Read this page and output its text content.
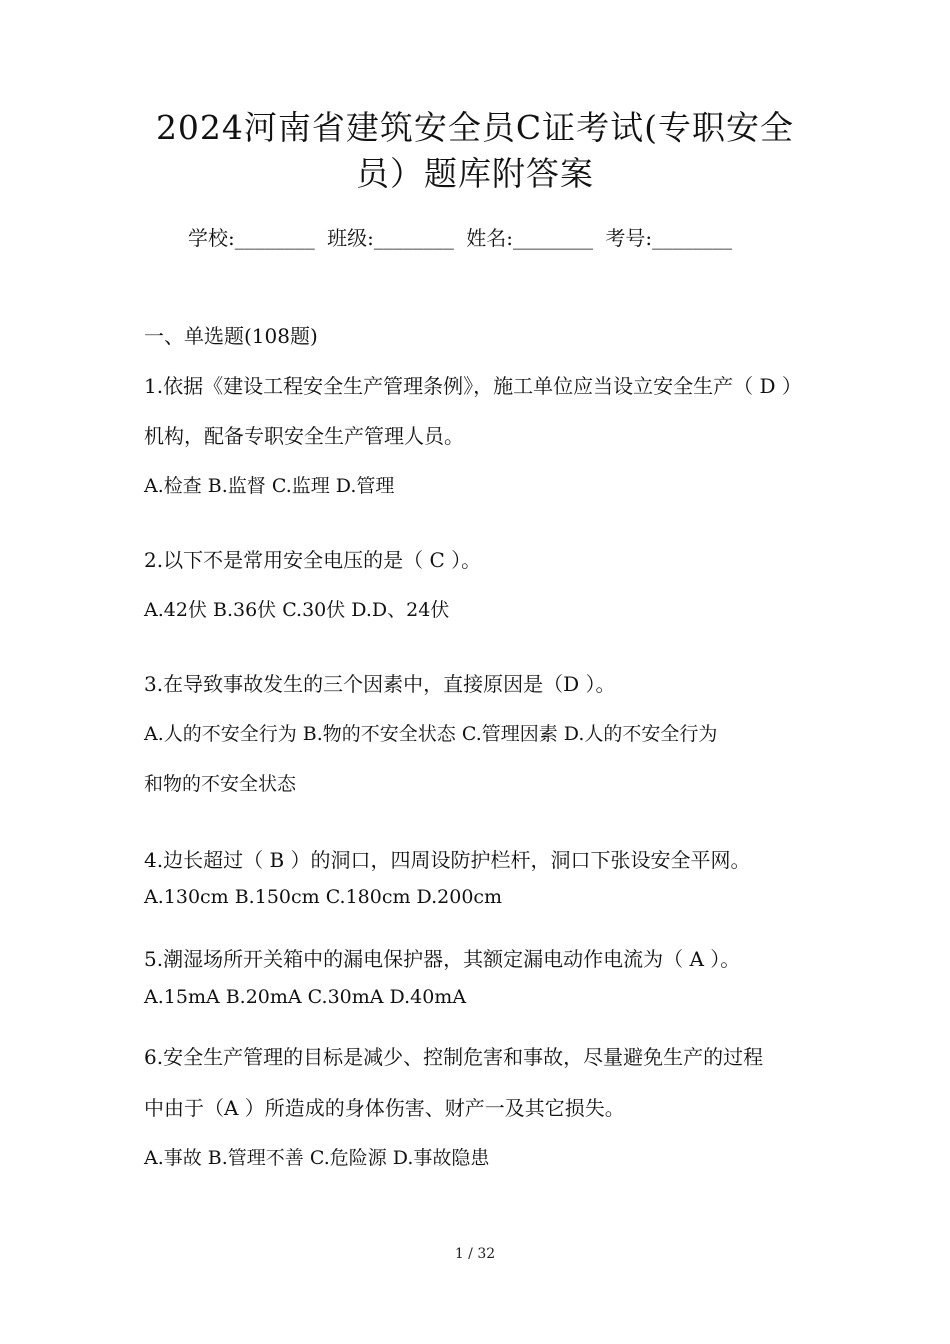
2024河南省建筑安全员C证考试(专职安全
员）题库附答案
学校:________ 班级:________ 姓名:________ 考号:________
一、单选题(108题)
1.依据《建设工程安全生产管理条例》，施工单位应当设立安全生产（ D ）
机构，配备专职安全生产管理人员。
A.检查 B.监督 C.监理 D.管理
2.以下不是常用安全电压的是（ C ）。
A.42伏 B.36伏 C.30伏 D.D、24伏
3.在导致事故发生的三个因素中，直接原因是（D ）。
A.人的不安全行为 B.物的不安全状态 C.管理因素 D.人的不安全行为
和物的不安全状态
4.边长超过（ B ）的洞口，四周设防护栏杆，洞口下张设安全平网。
A.130cm B.150cm C.180cm D.200cm
5.潮湿场所开关箱中的漏电保护器，其额定漏电动作电流为（ A ）。
A.15mA B.20mA C.30mA D.40mA
6.安全生产管理的目标是减少、控制危害和事故，尽量避免生产的过程
中由于（A ）所造成的身体伤害、财产一及其它损失。
A.事故 B.管理不善 C.危险源 D.事故隐患
1 / 32
